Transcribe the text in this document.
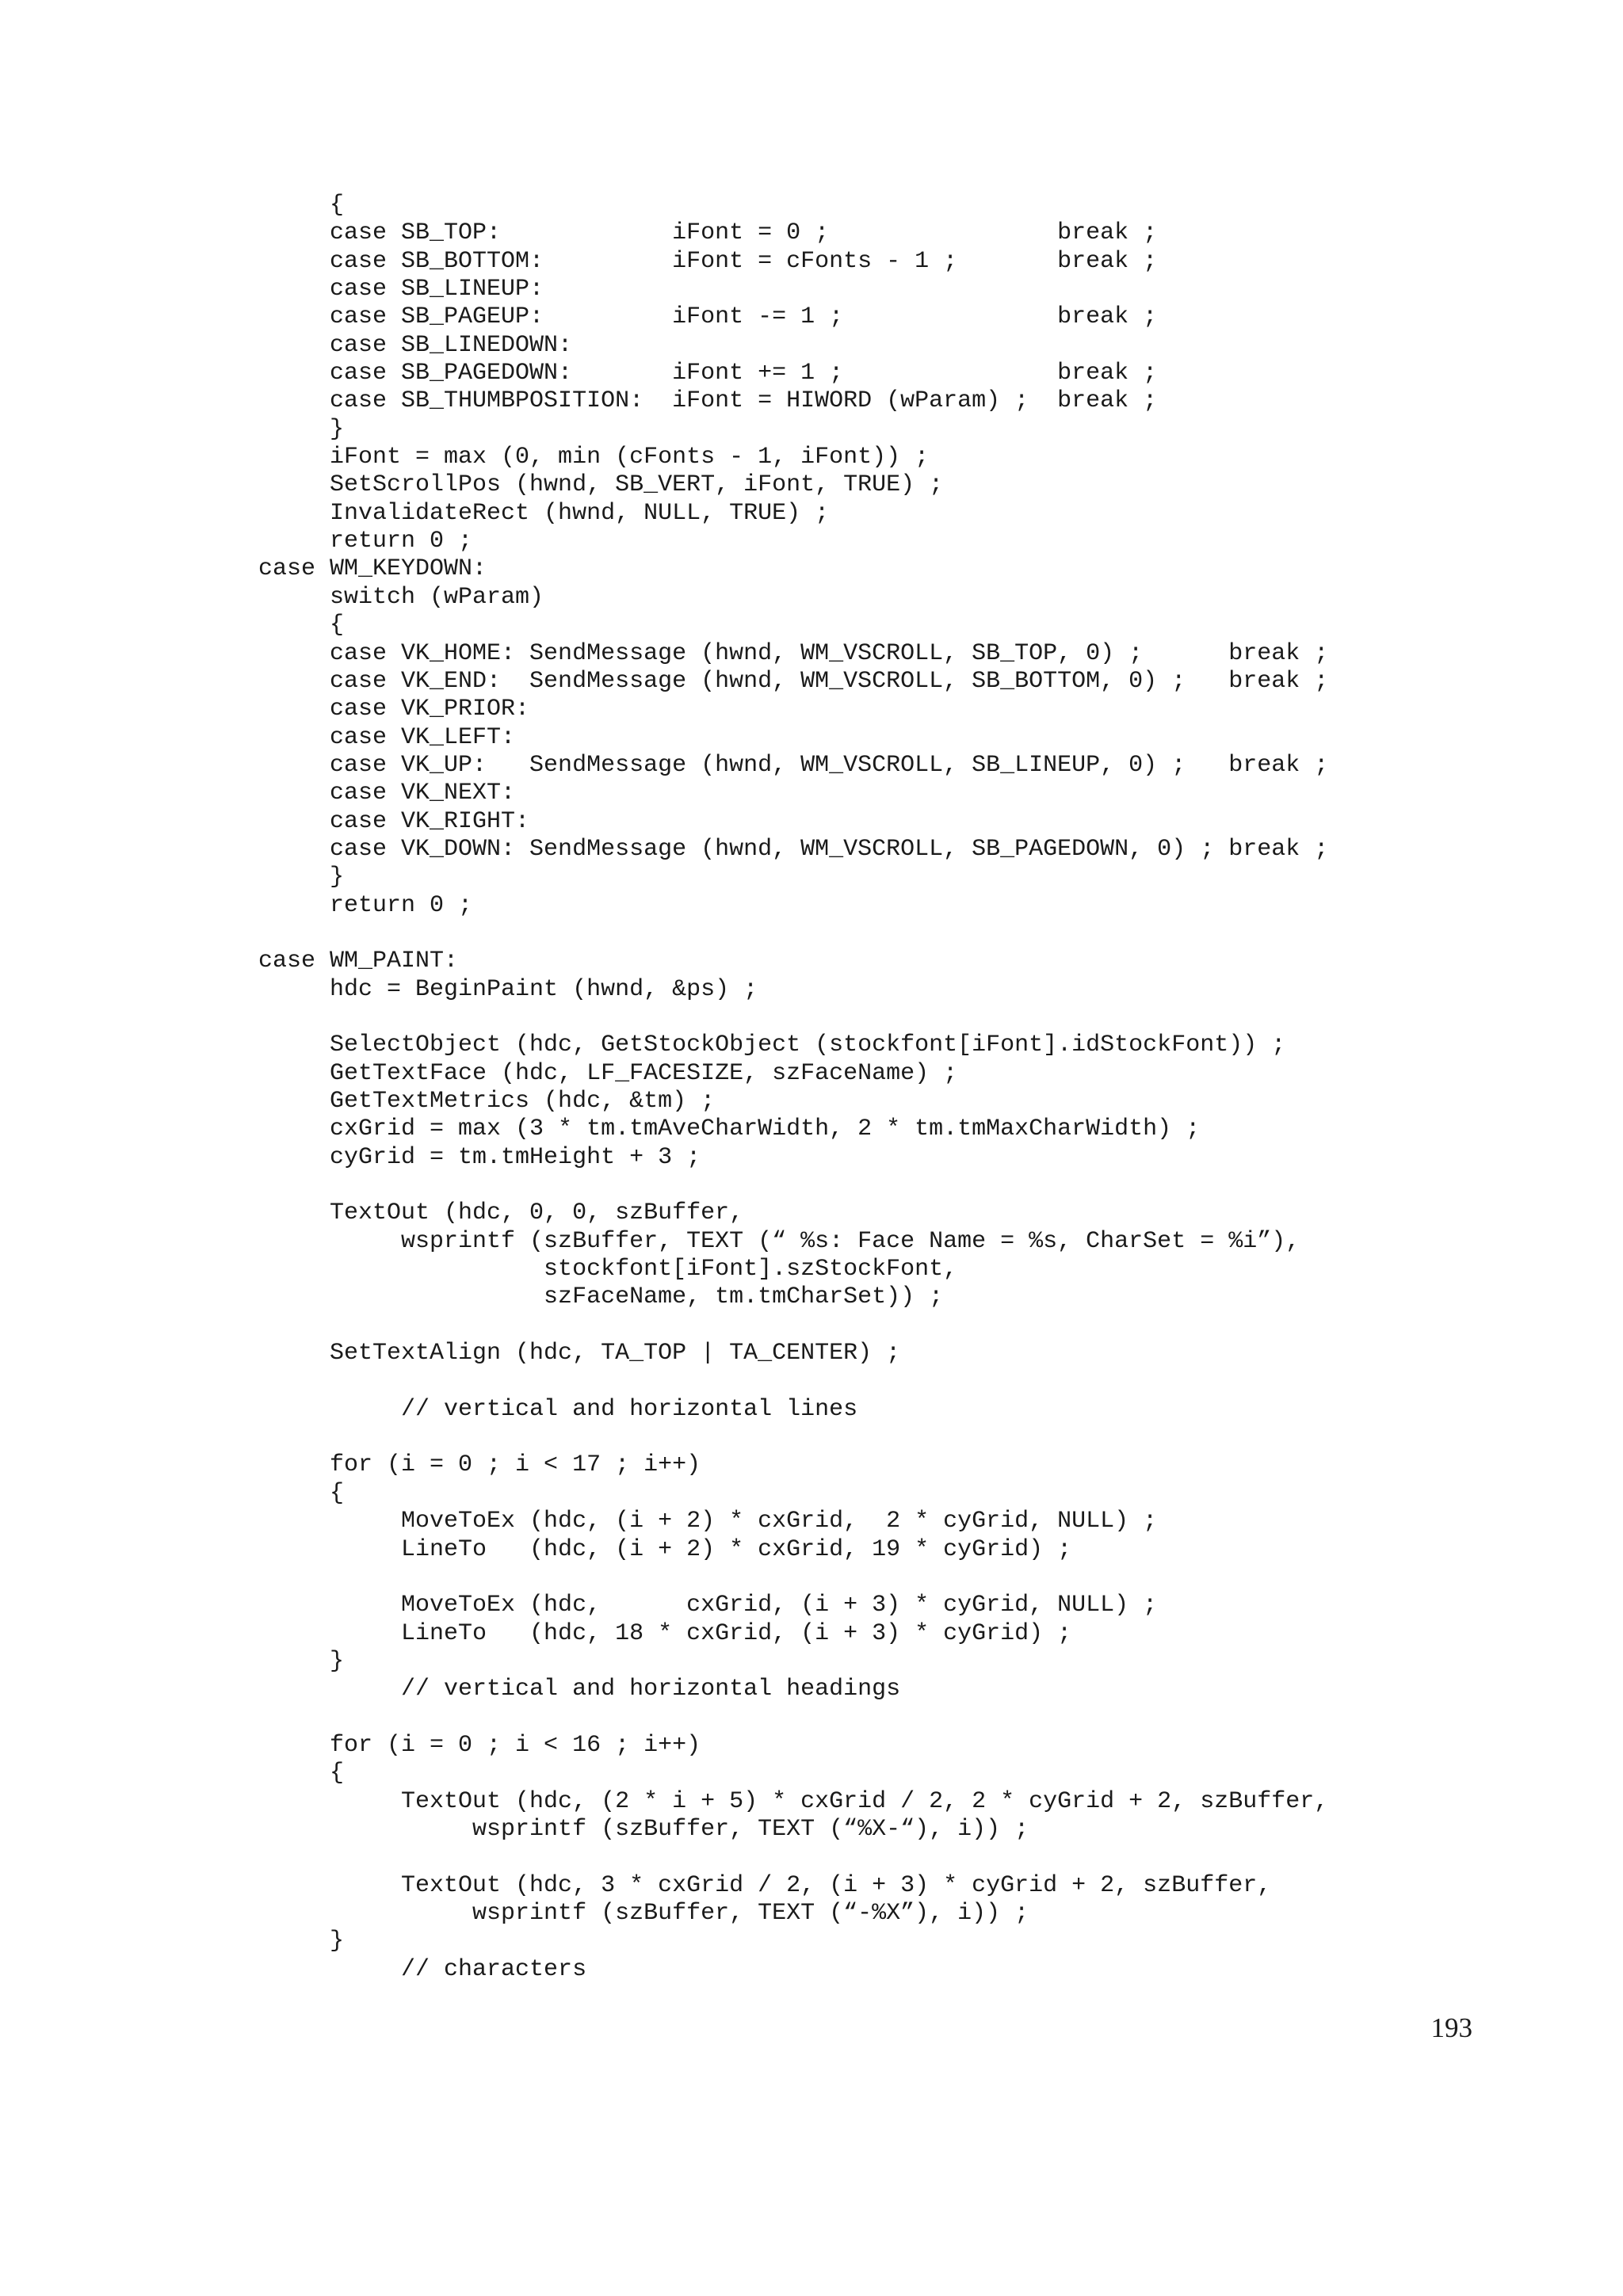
{
case SB_TOP:            iFont = 0 ;                break ;
case SB_BOTTOM:         iFont = cFonts - 1 ;       break ;
case SB_LINEUP:
case SB_PAGEUP:         iFont -= 1 ;               break ;
case SB_LINEDOWN:
case SB_PAGEDOWN:       iFont += 1 ;               break ;
case SB_THUMBPOSITION:  iFont = HIWORD (wParam) ;  break ;
}
iFont = max (0, min (cFonts - 1, iFont)) ;
SetScrollPos (hwnd, SB_VERT, iFont, TRUE) ;
InvalidateRect (hwnd, NULL, TRUE) ;
return 0 ;
case WM_KEYDOWN:
switch (wParam)
{
case VK_HOME: SendMessage (hwnd, WM_VSCROLL, SB_TOP, 0) ;      break ;
case VK_END:  SendMessage (hwnd, WM_VSCROLL, SB_BOTTOM, 0) ;   break ;
case VK_PRIOR:
case VK_LEFT:
case VK_UP:   SendMessage (hwnd, WM_VSCROLL, SB_LINEUP, 0) ;   break ;
case VK_NEXT:
case VK_RIGHT:
case VK_DOWN: SendMessage (hwnd, WM_VSCROLL, SB_PAGEDOWN, 0) ; break ;
}
return 0 ;
case WM_PAINT:
hdc = BeginPaint (hwnd, &ps) ;
SelectObject (hdc, GetStockObject (stockfont[iFont].idStockFont)) ;
GetTextFace (hdc, LF_FACESIZE, szFaceName) ;
GetTextMetrics (hdc, &tm) ;
cxGrid = max (3 * tm.tmAveCharWidth, 2 * tm.tmMaxCharWidth) ;
cyGrid = tm.tmHeight + 3 ;
TextOut (hdc, 0, 0, szBuffer,
wsprintf (szBuffer, TEXT (“ %s: Face Name = %s, CharSet = %i”),
stockfont[iFont].szStockFont,
szFaceName, tm.tmCharSet)) ;
SetTextAlign (hdc, TA_TOP | TA_CENTER) ;
// vertical and horizontal lines
for (i = 0 ; i < 17 ; i++)
{
MoveToEx (hdc, (i + 2) * cxGrid,  2 * cyGrid, NULL) ;
LineTo   (hdc, (i + 2) * cxGrid, 19 * cyGrid) ;
MoveToEx (hdc,      cxGrid, (i + 3) * cyGrid, NULL) ;
LineTo   (hdc, 18 * cxGrid, (i + 3) * cyGrid) ;
}
// vertical and horizontal headings
for (i = 0 ; i < 16 ; i++)
{
TextOut (hdc, (2 * i + 5) * cxGrid / 2, 2 * cyGrid + 2, szBuffer,
wsprintf (szBuffer, TEXT (“%X-“), i)) ;
TextOut (hdc, 3 * cxGrid / 2, (i + 3) * cyGrid + 2, szBuffer,
wsprintf (szBuffer, TEXT (“-%X”), i)) ;
}
// characters
193
